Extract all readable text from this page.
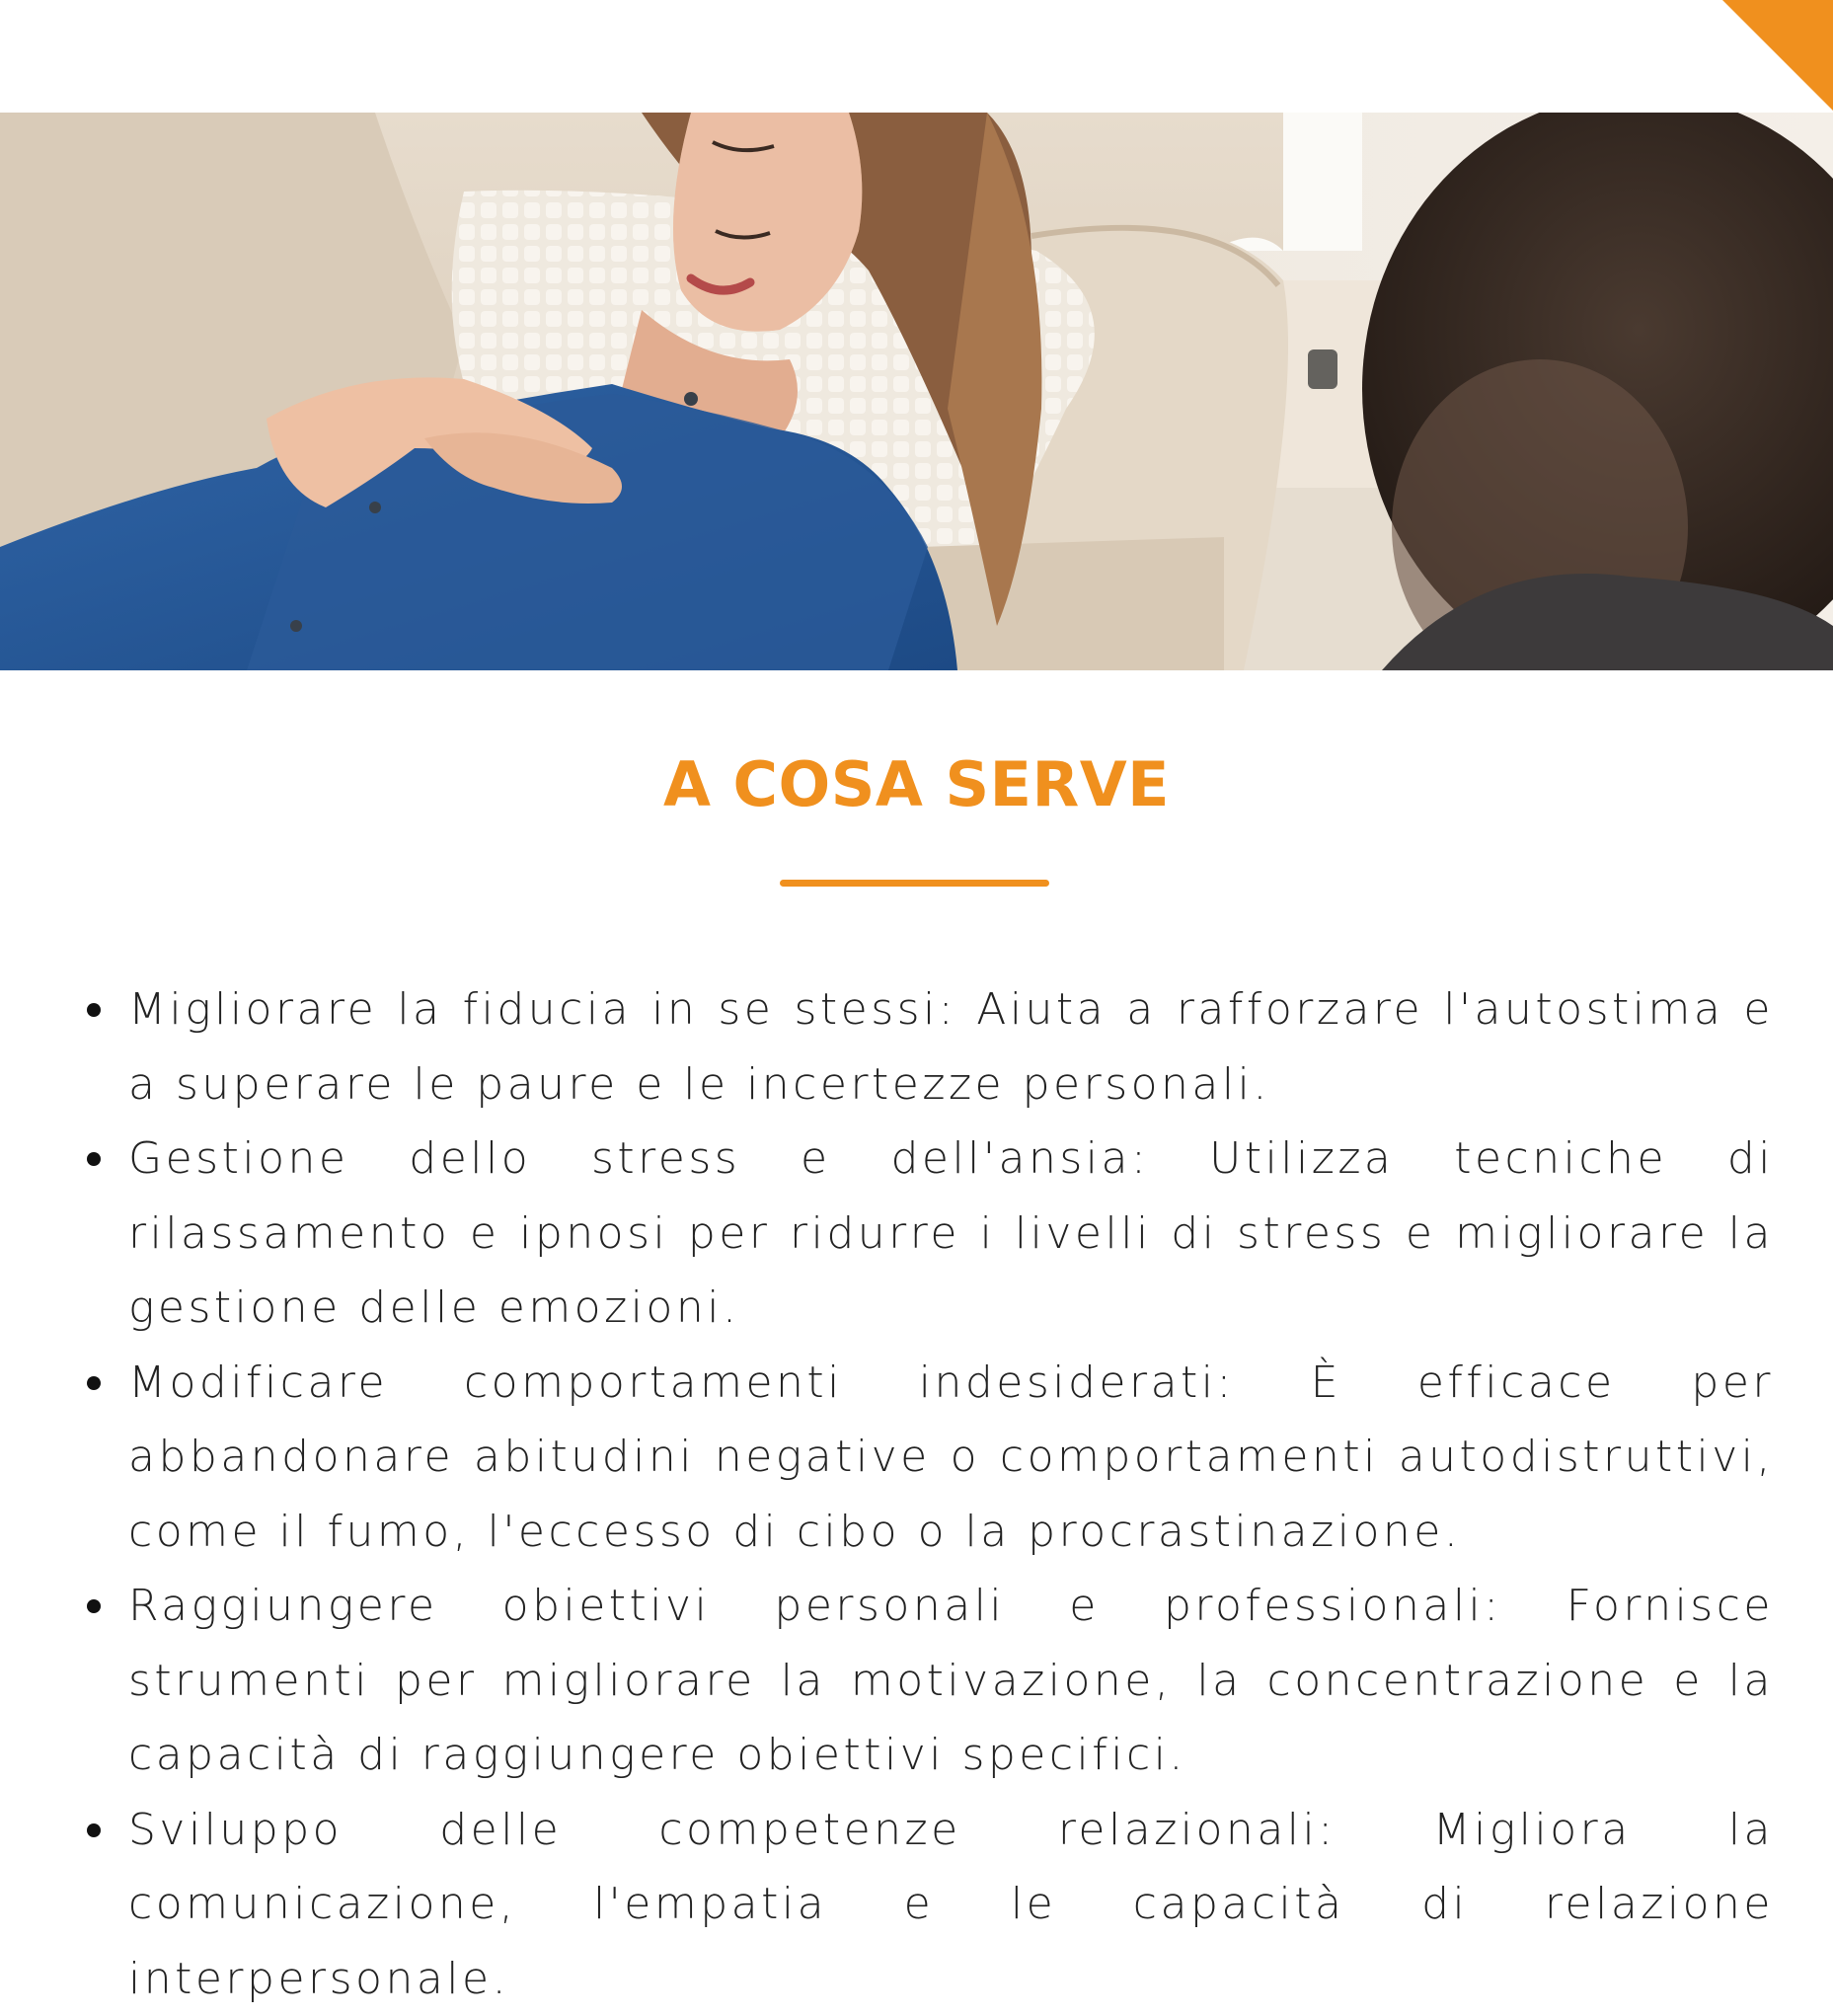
A COSA SERVE
Migliorare la fiducia in se stessi: Aiuta a rafforzare l'autostima e a superare le paure e le incertezze personali.
Gestione dello stress e dell'ansia: Utilizza tecniche di rilassamento e ipnosi per ridurre i livelli di stress e migliorare la gestione delle emozioni.
Modificare comportamenti indesiderati: È efficace per abbandonare abitudini negative o comportamenti autodistruttivi, come il fumo, l'eccesso di cibo o la procrastinazione.
Raggiungere obiettivi personali e professionali: Fornisce strumenti per migliorare la motivazione, la concentrazione e la capacità di raggiungere obiettivi specifici.
Sviluppo delle competenze relazionali: Migliora la comunicazione, l'empatia e le capacità di relazione interpersonale.
